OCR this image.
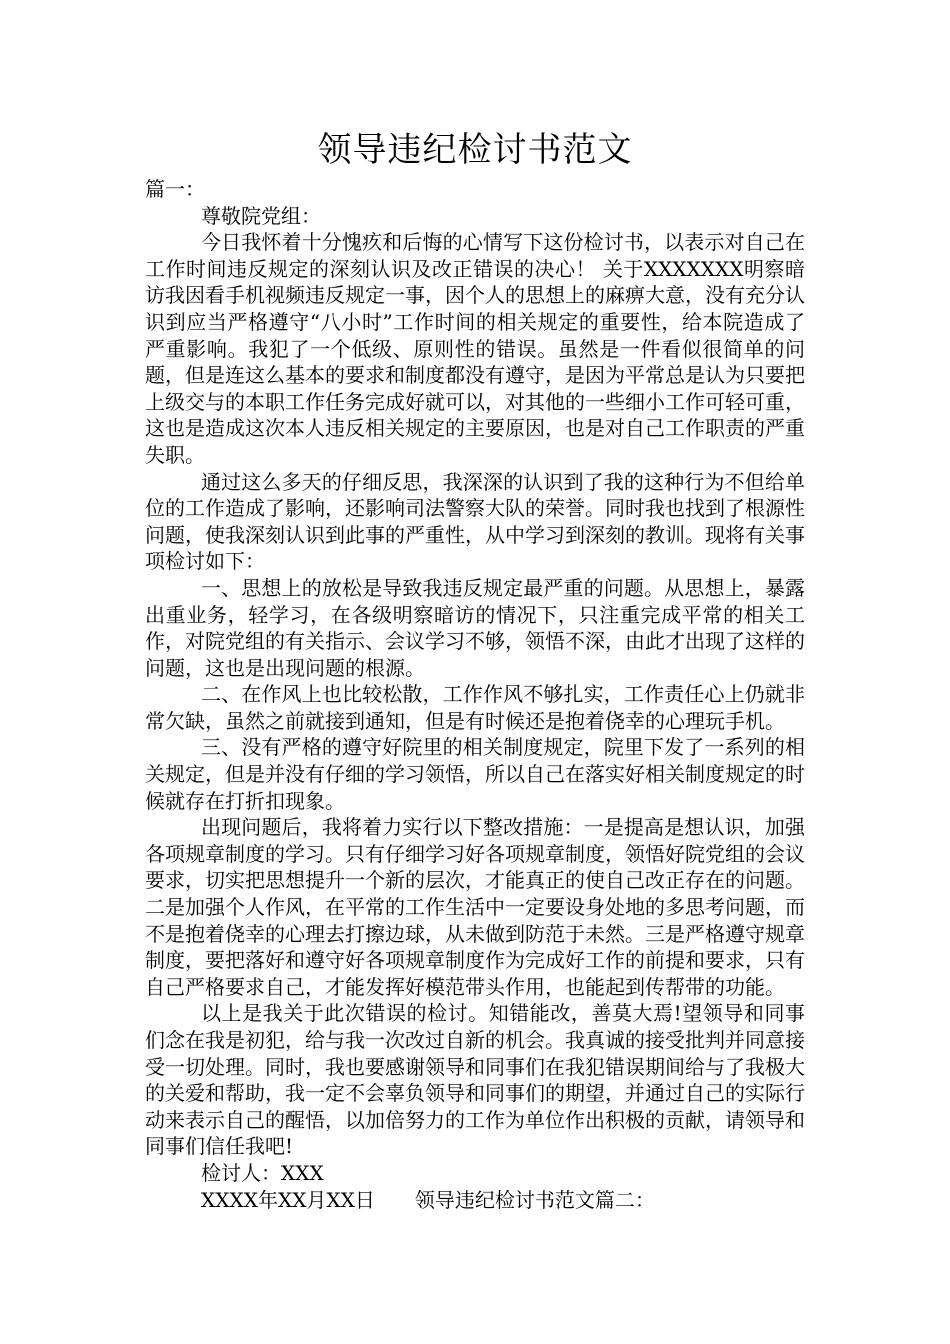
领导违纪检讨书范文

篇一：

尊敬院党组：

今日我怀着十分愧疚和后悔的心情写下这份检讨书，以表示对自己在工作时间违反规定的深刻认识及改正错误的决心！ 关于XXXXXXX明察暗访我因看手机视频违反规定一事，因个人的思想上的麻痹大意，没有充分认识到应当严格遵守“八小时”工作时间的相关规定的重要性，给本院造成了严重影响。我犯了一个低级、原则性的错误。虽然是一件看似很简单的问题，但是连这么基本的要求和制度都没有遵守，是因为平常总是认为只要把上级交与的本职工作任务完成好就可以，对其他的一些细小工作可轻可重，这也是造成这次本人违反相关规定的主要原因，也是对自己工作职责的严重失职。

通过这么多天的仔细反思，我深深的认识到了我的这种行为不但给单位的工作造成了影响，还影响司法警察大队的荣誉。同时我也找到了根源性问题，使我深刻认识到此事的严重性，从中学习到深刻的教训。现将有关事项检讨如下：

一、思想上的放松是导致我违反规定最严重的问题。从思想上，暴露出重业务，轻学习，在各级明察暗访的情况下，只注重完成平常的相关工作，对院党组的有关指示、会议学习不够，领悟不深，由此才出现了这样的问题，这也是出现问题的根源。

二、在作风上也比较松散，工作作风不够扎实，工作责任心上仍就非常欠缺，虽然之前就接到通知，但是有时候还是抱着侥幸的心理玩手机。

三、没有严格的遵守好院里的相关制度规定，院里下发了一系列的相关规定，但是并没有仔细的学习领悟，所以自己在落实好相关制度规定的时候就存在打折扣现象。

出现问题后，我将着力实行以下整改措施：一是提高是想认识，加强各项规章制度的学习。只有仔细学习好各项规章制度，领悟好院党组的会议要求，切实把思想提升一个新的层次，才能真正的使自己改正存在的问题。二是加强个人作风，在平常的工作生活中一定要设身处地的多思考问题，而不是抱着侥幸的心理去打擦边球，从未做到防范于未然。三是严格遵守规章制度，要把落好和遵守好各项规章制度作为完成好工作的前提和要求，只有自己严格要求自己，才能发挥好模范带头作用，也能起到传帮带的功能。

以上是我关于此次错误的检讨。知错能改，善莫大焉!望领导和同事们念在我是初犯，给与我一次改过自新的机会。我真诚的接受批判并同意接受一切处理。同时，我也要感谢领导和同事们在我犯错误期间给与了我极大的关爱和帮助，我一定不会辜负领导和同事们的期望，并通过自己的实际行动来表示自己的醒悟，以加倍努力的工作为单位作出积极的贡献，请领导和同事们信任我吧!

检讨人：XXX

XXXX年XX月XX日　　领导违纪检讨书范文篇二：
